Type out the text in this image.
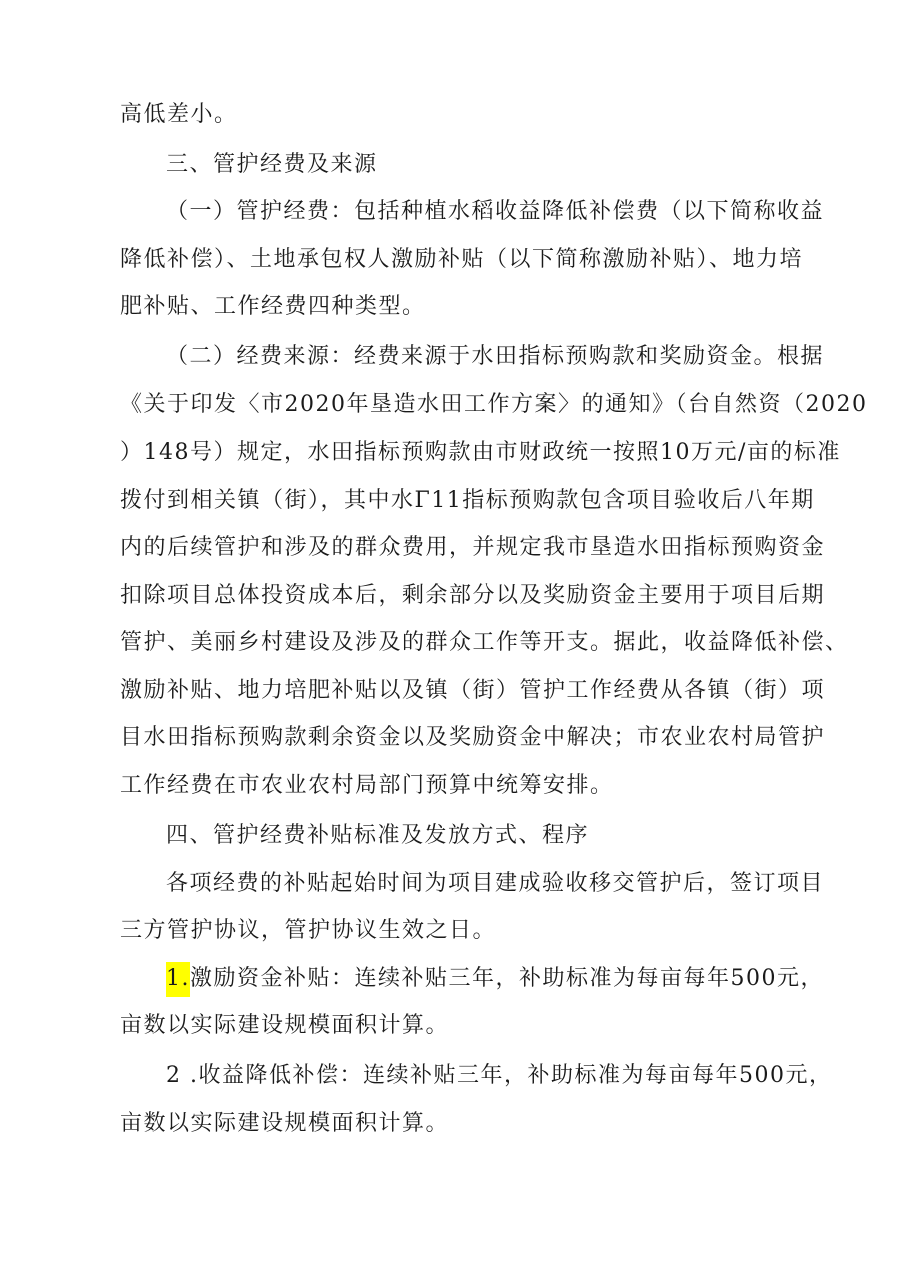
高低差小。
三、管护经费及来源
（一）管护经费：包括种植水稻收益降低补偿费（以下简称收益
降低补偿）、土地承包权人激励补贴（以下简称激励补贴）、地力培
肥补贴、工作经费四种类型。
（二）经费来源：经费来源于水田指标预购款和奖励资金。根据
《关于印发〈市2020年垦造水田工作方案〉的通知》（台自然资（2020
）148号）规定，水田指标预购款由市财政统一按照10万元/亩的标准
拨付到相关镇（街），其中水Γ11指标预购款包含项目验收后八年期
内的后续管护和涉及的群众费用，并规定我市垦造水田指标预购资金
扣除项目总体投资成本后，剩余部分以及奖励资金主要用于项目后期
管护、美丽乡村建设及涉及的群众工作等开支。据此，收益降低补偿、
激励补贴、地力培肥补贴以及镇（街）管护工作经费从各镇（街）项
目水田指标预购款剩余资金以及奖励资金中解决；市农业农村局管护
工作经费在市农业农村局部门预算中统筹安排。
四、管护经费补贴标准及发放方式、程序
各项经费的补贴起始时间为项目建成验收移交管护后，签订项目
三方管护协议，管护协议生效之日。
1.激励资金补贴：连续补贴三年，补助标准为每亩每年500元，
亩数以实际建设规模面积计算。
2 .收益降低补偿：连续补贴三年，补助标准为每亩每年500元，
亩数以实际建设规模面积计算。
